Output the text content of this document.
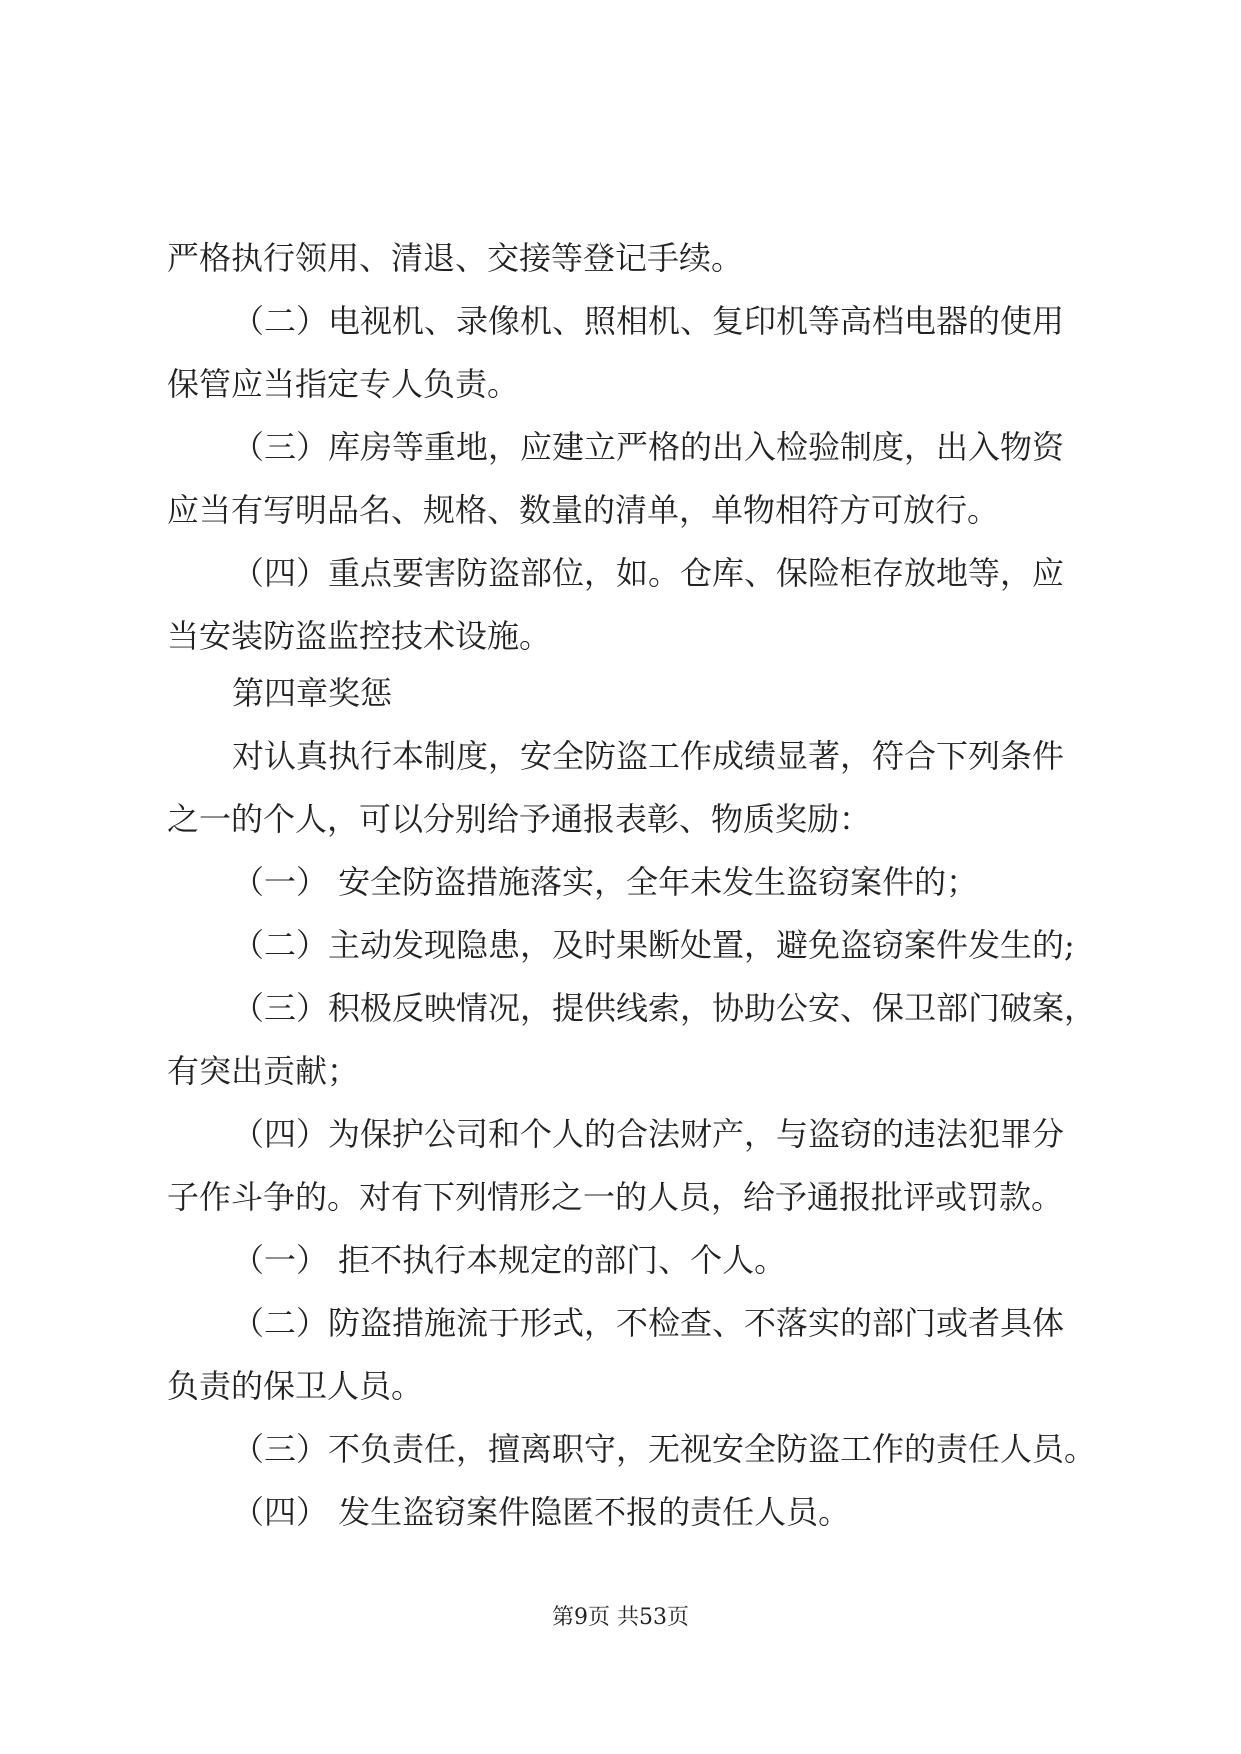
严格执行领用、清退、交接等登记手续。
（二）电视机、录像机、照相机、复印机等高档电器的使用
保管应当指定专人负责。
（三）库房等重地，应建立严格的出入检验制度，出入物资
应当有写明品名、规格、数量的清单，单物相符方可放行。
（四）重点要害防盗部位，如。仓库、保险柜存放地等，应
当安装防盗监控技术设施。
第四章奖惩
对认真执行本制度，安全防盗工作成绩显著，符合下列条件
之一的个人，可以分别给予通报表彰、物质奖励：
（一） 安全防盗措施落实，全年未发生盗窃案件的；
（二）主动发现隐患，及时果断处置，避免盗窃案件发生的;
（三）积极反映情况，提供线索，协助公安、保卫部门破案，
有突出贡献；
（四）为保护公司和个人的合法财产，与盗窃的违法犯罪分
子作斗争的。对有下列情形之一的人员，给予通报批评或罚款。
（一） 拒不执行本规定的部门、个人。
（二）防盗措施流于形式，不检查、不落实的部门或者具体
负责的保卫人员。
（三）不负责任，擅离职守，无视安全防盗工作的责任人员。
（四） 发生盗窃案件隐匿不报的责任人员。
第9页 共53页
